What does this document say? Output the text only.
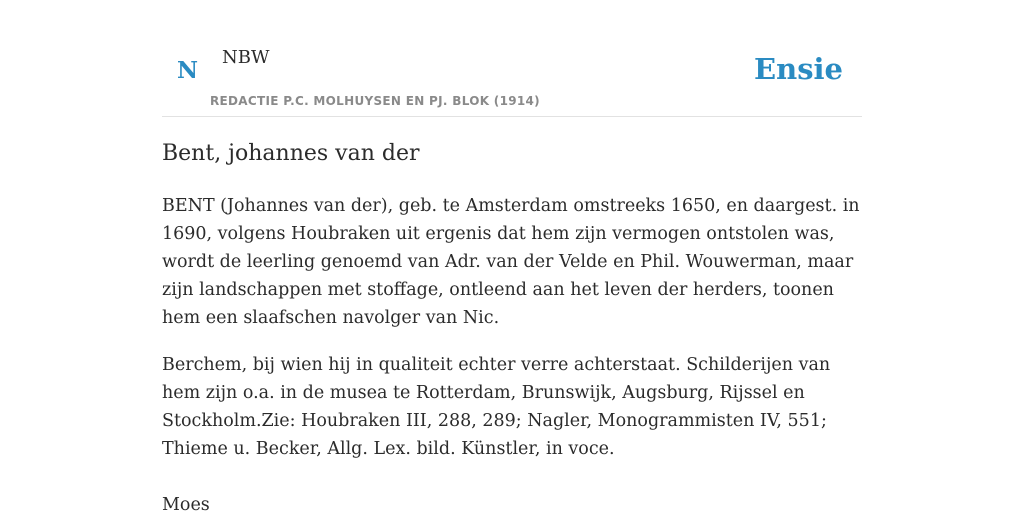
N NBW
REDACTIE P.C. MOLHUYSEN EN PJ. BLOK (1914)
Ensie
Bent, johannes van der

BENT (Johannes van der), geb. te Amsterdam omstreeks 1650, en daargest. in 1690, volgens Houbraken uit ergenis dat hem zijn vermogen ontstolen was, wordt de leerling genoemd van Adr. van der Velde en Phil. Wouwerman, maar zijn landschappen met stoffage, ontleend aan het leven der herders, toonen hem een slaafschen navolger van Nic.

Berchem, bij wien hij in qualiteit echter verre achterstaat. Schilderijen van hem zijn o.a. in de musea te Rotterdam, Brunswijk, Augsburg, Rijssel en Stockholm.Zie: Houbraken III, 288, 289; Nagler, Monogrammisten IV, 551; Thieme u. Becker, Allg. Lex. bild. Künstler, in voce.

Moes
